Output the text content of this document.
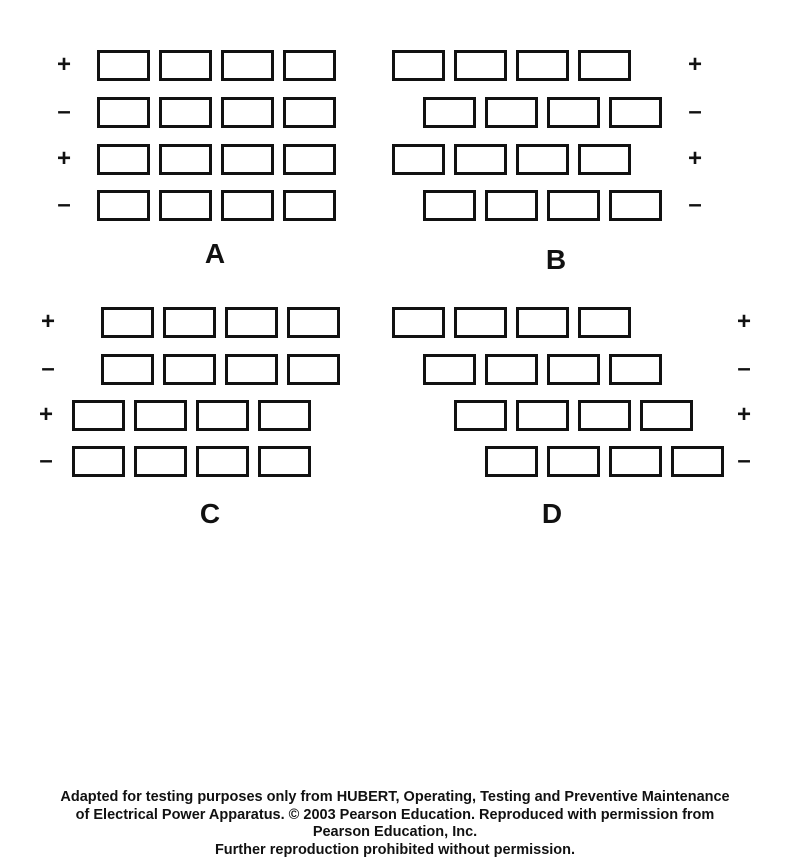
+
–
+
–
A
+
–
+
–
B
+
–
+
–
C
+
–
+
–
D
Adapted for testing purposes only from HUBERT, Operating, Testing and Preventive Maintenance
of Electrical Power Apparatus. © 2003 Pearson Education. Reproduced with permission from
Pearson Education, Inc.
Further reproduction prohibited without permission.
